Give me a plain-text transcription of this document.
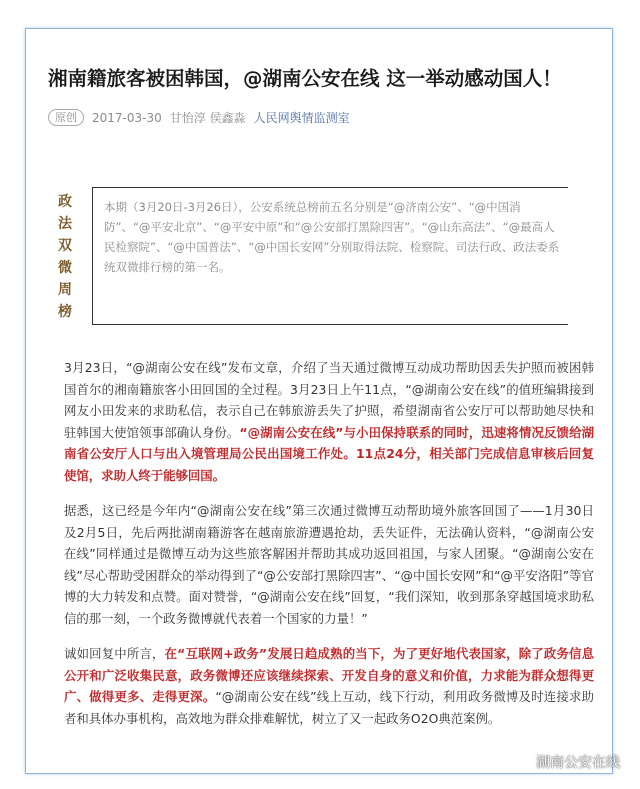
湘南籍旅客被困韩国，@湖南公安在线 这一举动感动国人！
原创	2017-03-30 甘怡淳 侯鑫淼 人民网舆情监测室
政
法
双
微
周
榜
本期（3月20日-3月26日），公安系统总榜前五名分别是“@济南公安”、“@中国消防”、“@平安北京”、“@平安中原”和“@公安部打黑除四害”。“@山东高法”、“@最高人民检察院”、“@中国普法”、“@中国长安网”分别取得法院、检察院、司法行政、政法委系统双微排行榜的第一名。

3月23日，“@湖南公安在线”发布文章，介绍了当天通过微博互动成功帮助因丢失护照而被困韩国首尔的湘南籍旅客小田回国的全过程。3月23日上午11点，“@湖南公安在线”的值班编辑接到网友小田发来的求助私信，表示自己在韩旅游丢失了护照，希望湖南省公安厅可以帮助她尽快和驻韩国大使馆领事部确认身份。“@湖南公安在线”与小田保持联系的同时，迅速将情况反馈给湖南省公安厅人口与出入境管理局公民出国境工作处。11点24分，相关部门完成信息审核后回复使馆，求助人终于能够回国。

据悉，这已经是今年内“@湖南公安在线”第三次通过微博互动帮助境外旅客回国了——1月30日及2月5日，先后两批湖南籍游客在越南旅游遭遇抢劫，丢失证件，无法确认资料，“@湖南公安在线”同样通过是微博互动为这些旅客解困并帮助其成功返回祖国，与家人团聚。“@湖南公安在线”尽心帮助受困群众的举动得到了“@公安部打黑除四害”、“@中国长安网”和“@平安洛阳”等官博的大力转发和点赞。面对赞誉，“@湖南公安在线”回复，“我们深知，收到那条穿越国境求助私信的那一刻，一个政务微博就代表着一个国家的力量！”

诚如回复中所言，在“互联网+政务”发展日趋成熟的当下，为了更好地代表国家，除了政务信息公开和广泛收集民意，政务微博还应该继续探索、开发自身的意义和价值，力求能为群众想得更广、做得更多、走得更深。“@湖南公安在线”线上互动，线下行动，利用政务微博及时连接求助者和具体办事机构，高效地为群众排难解忧，树立了又一起政务O2O典范案例。

湖南公安在线
